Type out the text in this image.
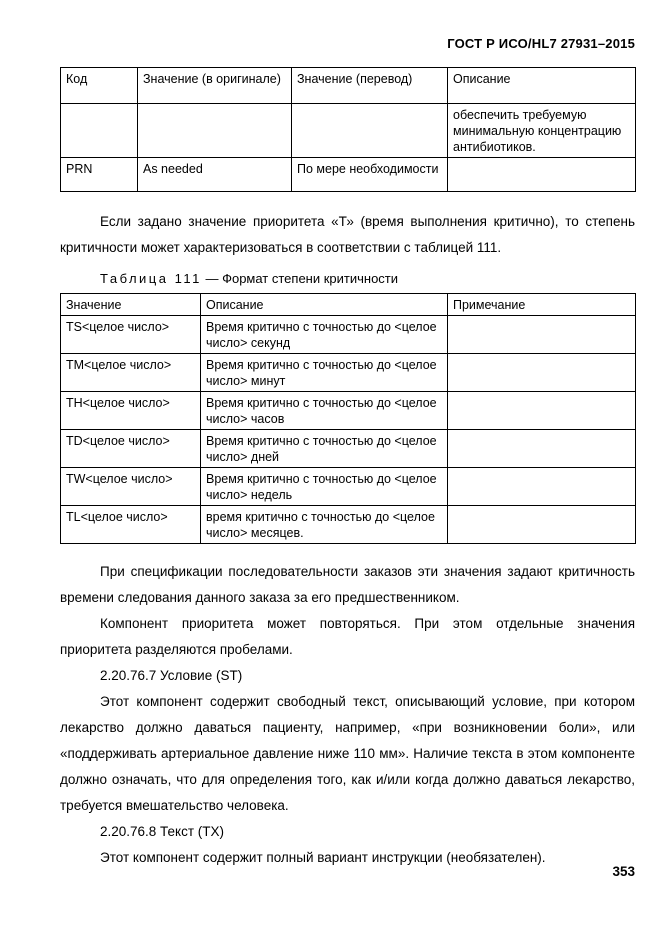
ГОСТ Р ИСО/HL7 27931–2015
Код	Значение (в оригинале)	Значение (перевод)	Описание
			обеспечить требуемую минимальную концентрацию антибиотиков.
PRN	As needed	По мере необходимости	

Если задано значение приоритета «Т» (время выполнения критично), то степень критичности может характеризоваться в соответствии с таблицей 111.

Таблица 111 — Формат степени критичности

Значение	Описание	Примечание
TS<целое число>	Время критично с точностью до <целое число> секунд	
TM<целое число>	Время критично с точностью до <целое число> минут	
TH<целое число>	Время критично с точностью до <целое число> часов	
TD<целое число>	Время критично с точностью до <целое число> дней	
TW<целое число>	Время критично с точностью до <целое число> недель	
TL<целое число>	время критично с точностью до <целое число> месяцев.	

При спецификации последовательности заказов эти значения задают критичность времени следования данного заказа за его предшественником.

Компонент приоритета может повторяться. При этом отдельные значения приоритета разделяются пробелами.

2.20.76.7 Условие (ST)

Этот компонент содержит свободный текст, описывающий условие, при котором лекарство должно даваться пациенту, например, «при возникновении боли», или «поддерживать артериальное давление ниже 110 мм». Наличие текста в этом компоненте должно означать, что для определения того, как и/или когда должно даваться лекарство, требуется вмешательство человека.

2.20.76.8 Текст (ТХ)

Этот компонент содержит полный вариант инструкции (необязателен).

353
